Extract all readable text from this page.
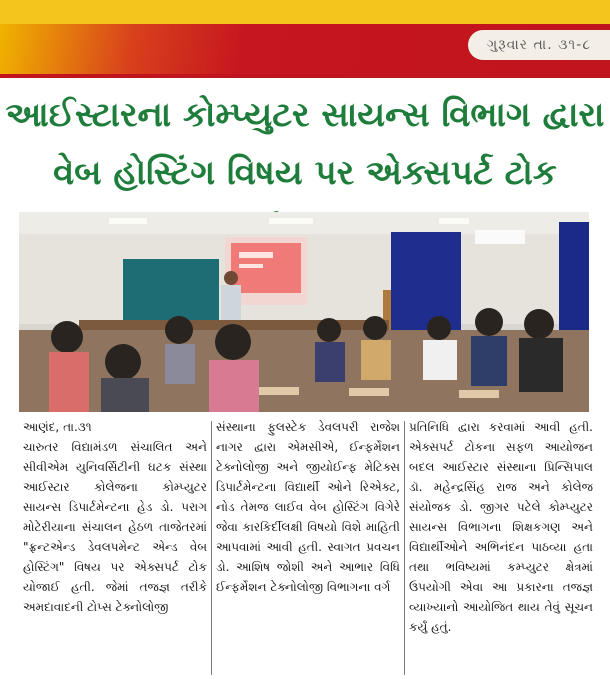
ગુરૂવાર તા. ૩૧-૮
આઈસ્ટારના કોમ્પ્યુટર સાયન્સ વિભાગ દ્વારા
વેબ હોસ્ટિંગ વિષય પર એક્સપર્ટ ટોક
આણંદ, તા.૩૧
ચારુતર વિદ્યામંડળ સંચાલિત અને સીવીએમ યુનિવર્સિટીની ઘટક સંસ્થા આઈસ્ટાર કોલેજના કોમ્પ્યુટર સાયન્સ ડિપાર્ટમેન્ટના હેડ ડો. પરાગ મોટેરીયાના સંચાલન હેઠળ તાજેતરમાં "ફ્રન્ટએન્ડ ડેવલપમેન્ટ એન્ડ વેબ હોસ્ટિંગ" વિષય પર એક્સપર્ટ ટોક યોજાઈ હતી. જેમાં તજજ્ઞ તરીકે અમદાવાદની ટોપ્સ ટેક્નોલોજી
સંસ્થાના ફુલસ્ટેક ડેવલપરી રાજેશ નાગર દ્વારા એમસીએ, ઈન્ફર્મેશન ટેક્નોલોજી અને જીયોઈન્ફ મેટિક્સ ડિપાર્ટમેન્ટના વિદ્યાર્થી ઓને રિએક્ટ, નોડ તેમજ લાઈવ વેબ હોસ્ટિંગ વિગેરે જેવા કારકિર્દીલક્ષી વિષયો વિશે માહિતી આપવામાં આવી હતી. સ્વાગત પ્રવચન ડો. આશિષ જોશી અને આભાર વિધિ ઈન્ફર્મેશન ટેક્નોલોજી વિભાગના વર્ગ
પ્રતિનિધિ દ્વારા કરવામાં આવી હતી. એક્સપર્ટ ટોકના સફળ આયોજન બદલ આઈસ્ટાર સંસ્થાના પ્રિન્સિપાલ ડૉ. મહેન્દ્રસિંહ રાજ અને કોલેજ સંયોજક ડો. જીગર પટેલે કોમ્પ્યુટર સાયન્સ વિભાગના શિક્ષકગણ અને વિદ્યાર્થીઓને અભિનંદન પાઠવ્યા હતા તથા ભવિષ્યમાં કમ્પ્યુટર ક્ષેત્રમાં ઉપયોગી એવા આ પ્રકારના તજજ્ઞ વ્યાખ્યાનો આયોજિત થાય તેવું સૂચન કર્યું હતું.
